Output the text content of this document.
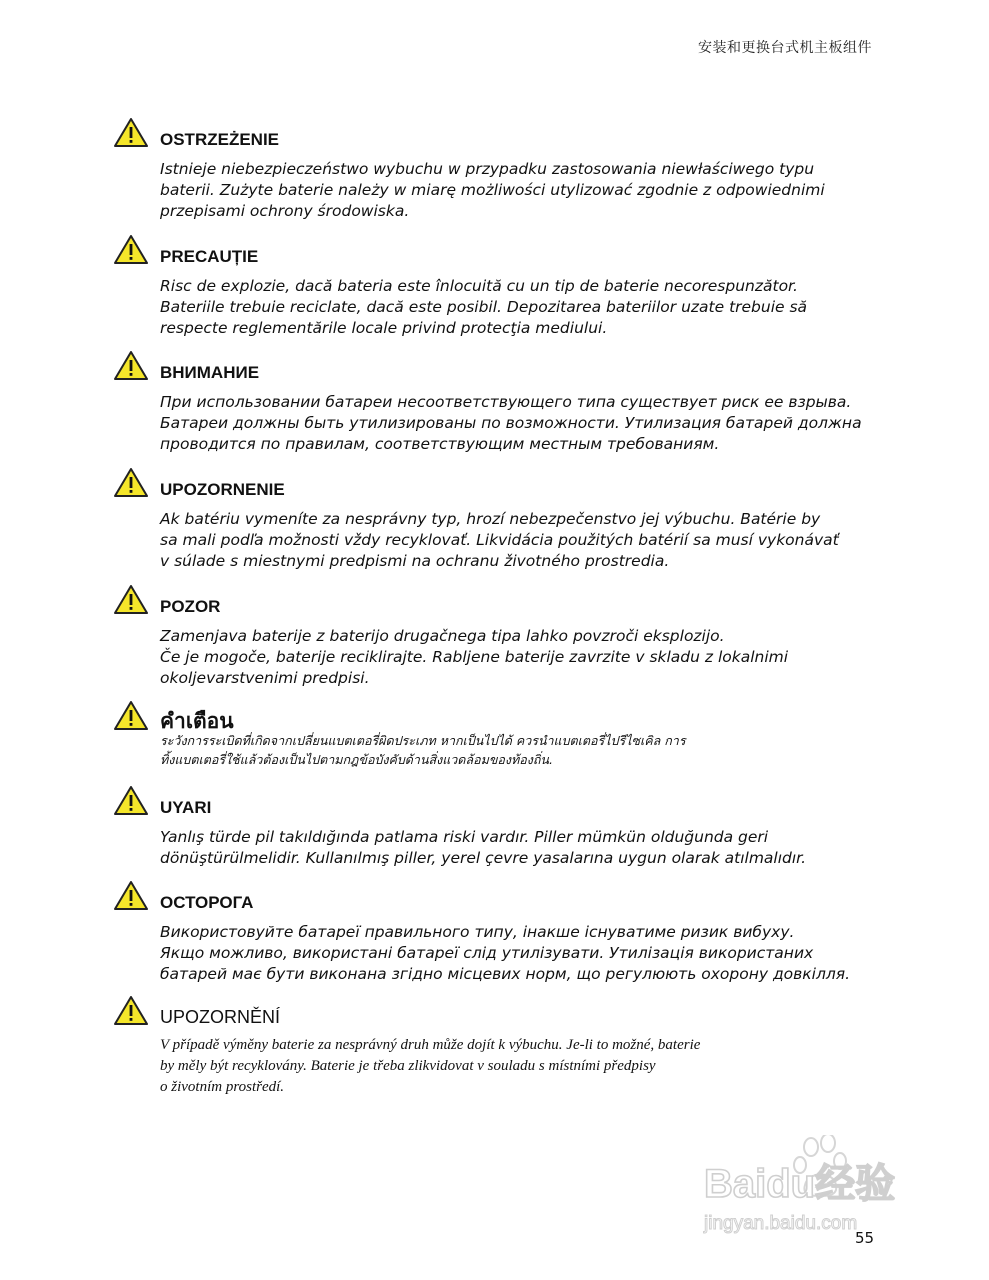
安装和更换台式机主板组件
OSTRZEŻENIE
Istnieje niebezpieczeństwo wybuchu w przypadku zastosowania niewłaściwego typu
baterii. Zużyte baterie należy w miarę możliwości utylizować zgodnie z odpowiednimi
przepisami ochrony środowiska.
PRECAUȚIE
Risc de explozie, dacă bateria este înlocuită cu un tip de baterie necorespunzător.
Bateriile trebuie reciclate, dacă este posibil. Depozitarea bateriilor uzate trebuie să
respecte reglementările locale privind protecţia mediului.
ВНИМАНИЕ
При использовании батареи несоответствующего типа существует риск ее взрыва.
Батареи должны быть утилизированы по возможности. Утилизация батарей должна
проводится по правилам, соответствующим местным требованиям.
UPOZORNENIE
Ak batériu vymeníte za nesprávny typ, hrozí nebezpečenstvo jej výbuchu. Batérie by
sa mali podľa možnosti vždy recyklovať. Likvidácia použitých batérií sa musí vykonávať
v súlade s miestnymi predpismi na ochranu životného prostredia.
POZOR
Zamenjava baterije z baterijo drugačnega tipa lahko povzroči eksplozijo.
Če je mogoče, baterije reciklirajte. Rabljene baterije zavrzite v skladu z lokalnimi
okoljevarstvenimi predpisi.
คำเตือน
ระวังการระเบิดที่เกิดจากเปลี่ยนแบตเตอรี่ผิดประเภท หากเป็นไปได้ ควรนำแบตเตอรี่ไปรีไซเคิล การ
ทิ้งแบตเตอรี่ใช้แล้วต้องเป็นไปตามกฎข้อบังคับด้านสิ่งแวดล้อมของท้องถิ่น.
UYARI
Yanlış türde pil takıldığında patlama riski vardır. Piller mümkün olduğunda geri
dönüştürülmelidir. Kullanılmış piller, yerel çevre yasalarına uygun olarak atılmalıdır.
ОСТОРОГА
Використовуйте батареї правильного типу, інакше існуватиме ризик вибуху.
Якщо можливо, використані батареї слід утилізувати. Утилізація використаних
батарей має бути виконана згідно місцевих норм, що регулюють охорону довкілля.
UPOZORNĚNÍ
V případě výměny baterie za nesprávný druh může dojít k výbuchu. Je-li to možné, baterie
by měly být recyklovány. Baterie je třeba zlikvidovat v souladu s místními předpisy
o životním prostředí.
Baidu经验
jingyan.baidu.com
55
